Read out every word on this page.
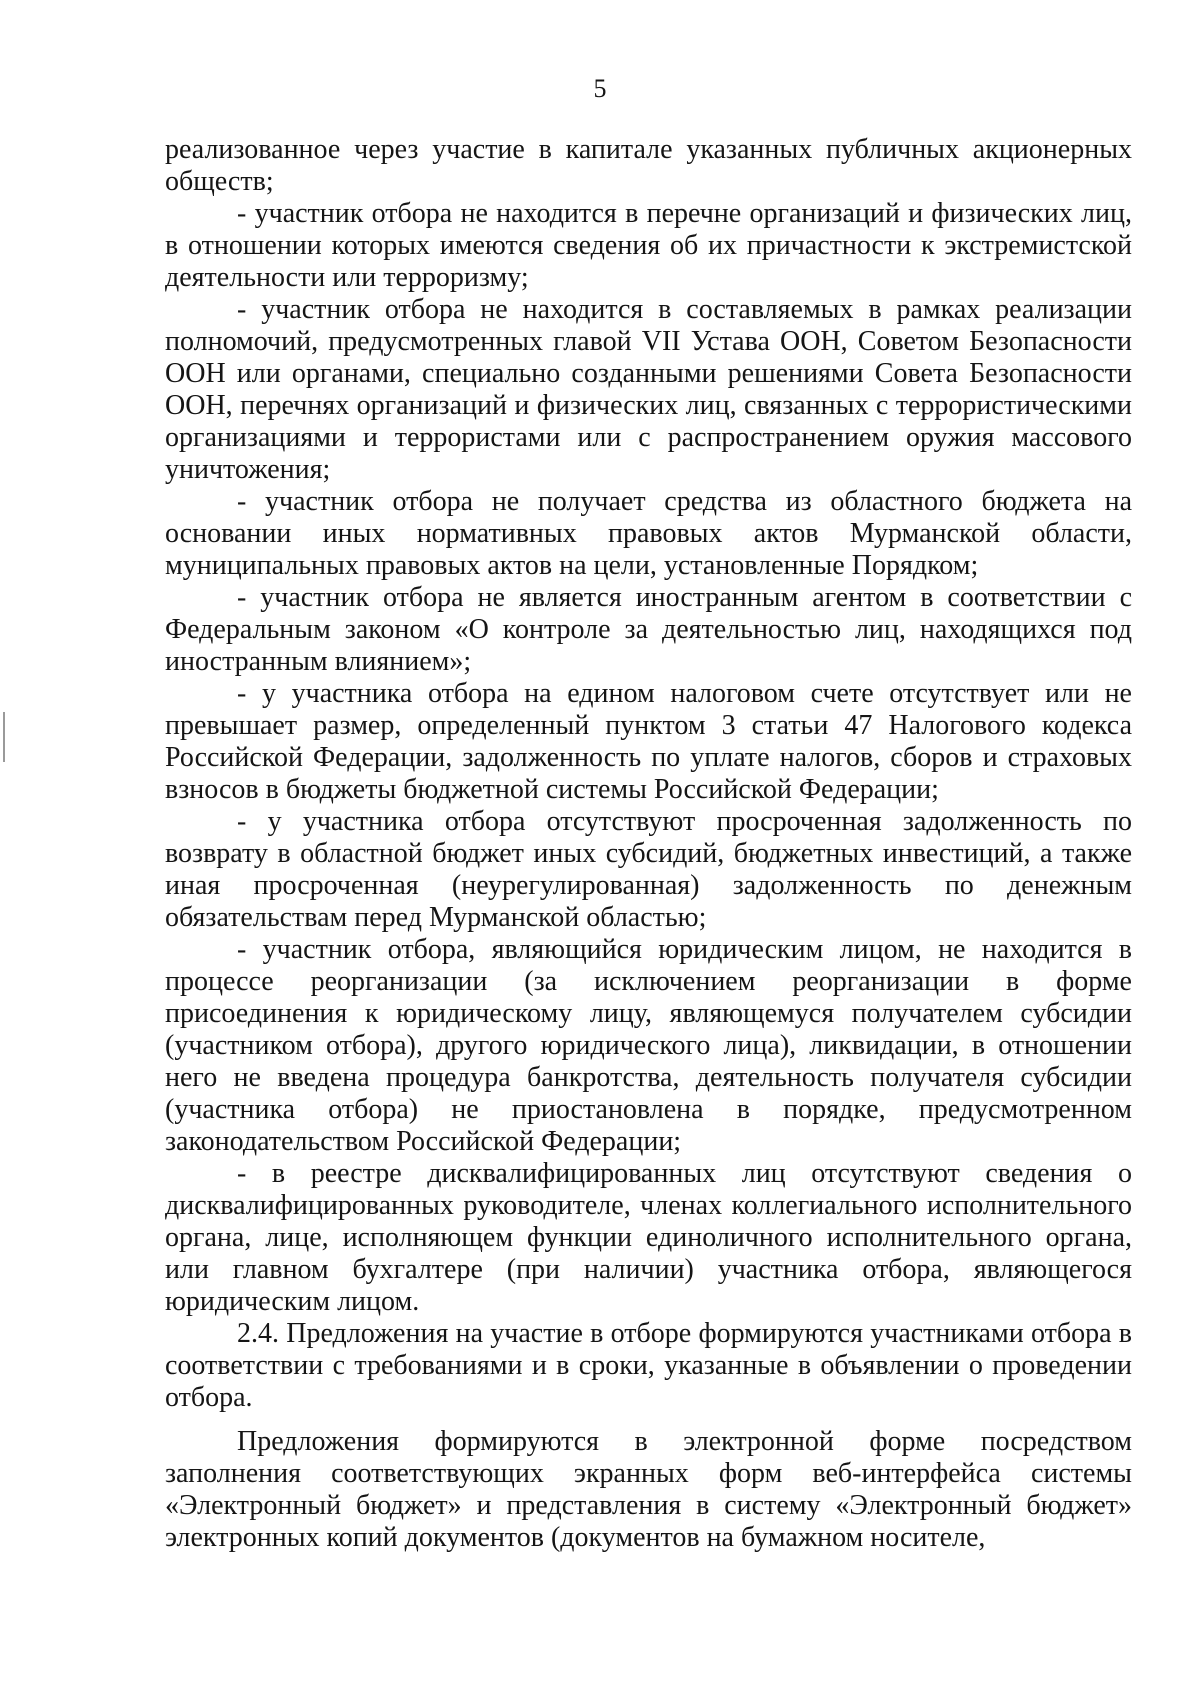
5

реализованное через участие в капитале указанных публичных акционерных обществ;

- участник отбора не находится в перечне организаций и физических лиц, в отношении которых имеются сведения об их причастности к экстремистской деятельности или терроризму;

- участник отбора не находится в составляемых в рамках реализации полномочий, предусмотренных главой VII Устава ООН, Советом Безопасности ООН или органами, специально созданными решениями Совета Безопасности ООН, перечнях организаций и физических лиц, связанных с террористическими организациями и террористами или с распространением оружия массового уничтожения;

- участник отбора не получает средства из областного бюджета на основании иных нормативных правовых актов Мурманской области, муниципальных правовых актов на цели, установленные Порядком;

- участник отбора не является иностранным агентом в соответствии с Федеральным законом «О контроле за деятельностью лиц, находящихся под иностранным влиянием»;

- у участника отбора на едином налоговом счете отсутствует или не превышает размер, определенный пунктом 3 статьи 47 Налогового кодекса Российской Федерации, задолженность по уплате налогов, сборов и страховых взносов в бюджеты бюджетной системы Российской Федерации;

- у участника отбора отсутствуют просроченная задолженность по возврату в областной бюджет иных субсидий, бюджетных инвестиций, а также иная просроченная (неурегулированная) задолженность по денежным обязательствам перед Мурманской областью;

- участник отбора, являющийся юридическим лицом, не находится в процессе реорганизации (за исключением реорганизации в форме присоединения к юридическому лицу, являющемуся получателем субсидии (участником отбора), другого юридического лица), ликвидации, в отношении него не введена процедура банкротства, деятельность получателя субсидии (участника отбора) не приостановлена в порядке, предусмотренном законодательством Российской Федерации;

- в реестре дисквалифицированных лиц отсутствуют сведения о дисквалифицированных руководителе, членах коллегиального исполнительного органа, лице, исполняющем функции единоличного исполнительного органа, или главном бухгалтере (при наличии) участника отбора, являющегося юридическим лицом.

2.4. Предложения на участие в отборе формируются участниками отбора в соответствии с требованиями и в сроки, указанные в объявлении о проведении отбора.

Предложения формируются в электронной форме посредством заполнения соответствующих экранных форм веб-интерфейса системы «Электронный бюджет» и представления в систему «Электронный бюджет» электронных копий документов (документов на бумажном носителе,
